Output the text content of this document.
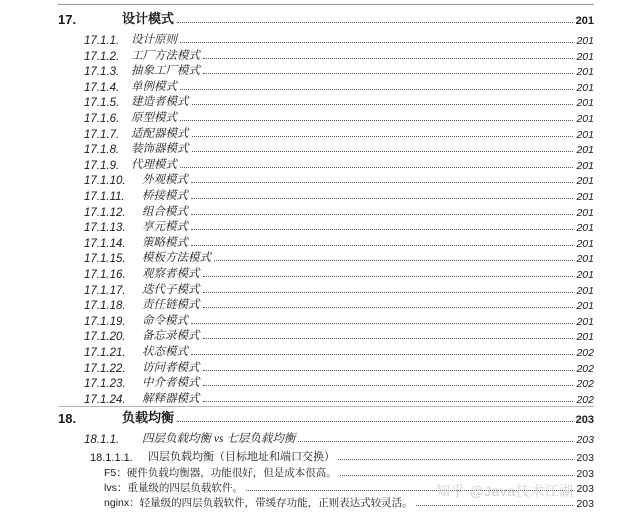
17.	设计模式	201
17.1.1.	设计原则	201
17.1.2.	工厂方法模式	201
17.1.3.	抽象工厂模式	201
17.1.4.	单例模式	201
17.1.5.	建造者模式	201
17.1.6.	原型模式	201
17.1.7.	适配器模式	201
17.1.8.	装饰器模式	201
17.1.9.	代理模式	201
17.1.10.	外观模式	201
17.1.11.	桥接模式	201
17.1.12.	组合模式	201
17.1.13.	享元模式	201
17.1.14.	策略模式	201
17.1.15.	模板方法模式	201
17.1.16.	观察者模式	201
17.1.17.	迭代子模式	201
17.1.18.	责任链模式	201
17.1.19.	命令模式	201
17.1.20.	备忘录模式	201
17.1.21.	状态模式	202
17.1.22.	访问者模式	202
17.1.23.	中介者模式	202
17.1.24.	解释器模式	202
18.	负载均衡	203
18.1.1.	四层负载均衡 vs 七层负载均衡	203
18.1.1.1.	四层负载均衡（目标地址和端口交换）	203
F5：硬件负载均衡器，功能很好，但是成本很高。	203
lvs：重量级的四层负载软件。	203
nginx：轻量级的四层负载软件，带缓存功能，正则表达式较灵活。	203
知乎 @Java技术江湖
